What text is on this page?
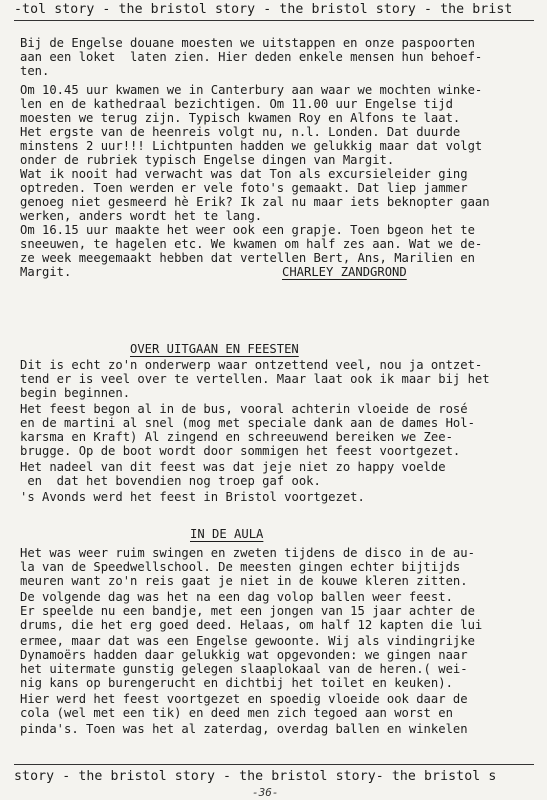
-tol story - the bristol story - the bristol story - the brist
Bij de Engelse douane moesten we uitstappen en onze paspoorten
aan een loket  laten zien. Hier deden enkele mensen hun behoef-
ten.
Om 10.45 uur kwamen we in Canterbury aan waar we mochten winke-
len en de kathedraal bezichtigen. Om 11.00 uur Engelse tijd
moesten we terug zijn. Typisch kwamen Roy en Alfons te laat.
Het ergste van de heenreis volgt nu, n.l. Londen. Dat duurde
minstens 2 uur!!! Lichtpunten hadden we gelukkig maar dat volgt
onder de rubriek typisch Engelse dingen van Margit.
Wat ik nooit had verwacht was dat Ton als excursieleider ging
optreden. Toen werden er vele foto's gemaakt. Dat liep jammer
genoeg niet gesmeerd hè Erik? Ik zal nu maar iets beknopter gaan
werken, anders wordt het te lang.
Om 16.15 uur maakte het weer ook een grapje. Toen bgeon het te
sneeuwen, te hagelen etc. We kwamen om half zes aan. Wat we de-
ze week meegemaakt hebben dat vertellen Bert, Ans, Marilien en
Margit.	CHARLEY ZANDGROND
OVER UITGAAN EN FEESTEN
Dit is echt zo'n onderwerp waar ontzettend veel, nou ja ontzet-
tend er is veel over te vertellen. Maar laat ook ik maar bij het
begin beginnen.
Het feest begon al in de bus, vooral achterin vloeide de rosé
en de martini al snel (mog met speciale dank aan de dames Hol-
karsma en Kraft) Al zingend en schreeuwend bereiken we Zee-
brugge. Op de boot wordt door sommigen het feest voortgezet.
Het nadeel van dit feest was dat jeje niet zo happy voelde
en  dat het bovendien nog troep gaf ook.
's Avonds werd het feest in Bristol voortgezet.
IN DE AULA
Het was weer ruim swingen en zweten tijdens de disco in de au-
la van de Speedwellschool. De meesten gingen echter bijtijds
meuren want zo'n reis gaat je niet in de kouwe kleren zitten.
De volgende dag was het na een dag volop ballen weer feest.
Er speelde nu een bandje, met een jongen van 15 jaar achter de
drums, die het erg goed deed. Helaas, om half 12 kapten die lui
ermee, maar dat was een Engelse gewoonte. Wij als vindingrijke
Dynamoërs hadden daar gelukkig wat opgevonden: we gingen naar
het uitermate gunstig gelegen slaaplokaal van de heren.( wei-
nig kans op burengerucht en dichtbij het toilet en keuken).
Hier werd het feest voortgezet en spoedig vloeide ook daar de
cola (wel met een tik) en deed men zich tegoed aan worst en
pinda's. Toen was het al zaterdag, overdag ballen en winkelen
story - the bristol story - the bristol story- the bristol s
-36-
